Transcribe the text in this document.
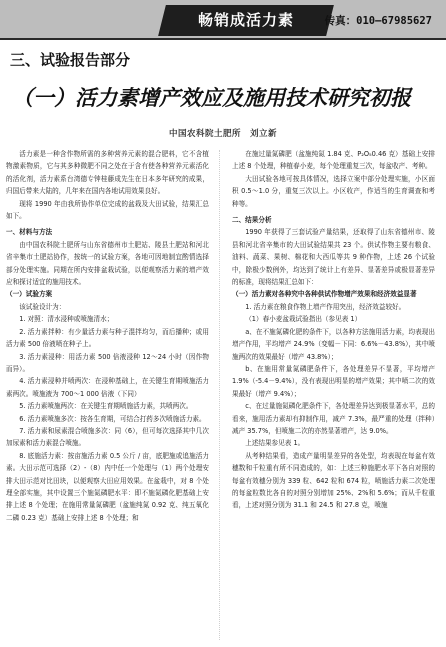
畅销成活力素	传真：010—67985627
三、试验报告部分
（一）活力素增产效应及施用技术研究初报
中国农科院土肥所　刘立新

活力素是一种含作物所需的多种营养元素的混合肥料，它不含植物激素物质，它与其多种微肥不同之处在于含有使各种营养元素活化的活化剂，活力素系台湾德专钟桂藤成先生在日本多年研究的成果，归国后带来大陆的，几年来在国内各地试用效果良好。

现将 1990 年由我所协作单位完成的盆栽及大田试验，结果汇总如下。

一、材料与方法

由中国农科院土肥所与山东省德州市土肥站、陵县土肥站和河北省辛集市土肥站协作，按统一的试验方案，各地可因地制宜酌情选择部分处理实施。同期在所内安排盆栽试验，以便观察活力素的增产效应和探讨适宜的施用技术。

（一）试验方案

该试验设计为：

1. 对照：清水浸种或喷施清水；

2. 活力素拌种：有少量活力素与种子混拌均匀，而后播种；或用活力素 500 倍液喷在种子上。

3. 活力素浸种：用活力素 500 倍液浸种 12～24 小时（因作物而异）。

4. 活力素浸种并喷两次：在浸种基础上，在关键生育期喷施活力素两次。喷施液为 700～1 000 倍液（下同）

5. 活力素喷施两次：在关键生育期喷施活力素，共喷两次。

6. 活力素喷施多次：按各生育期，可结合打药多次喷施活力素。

7. 活力素和尿素混合喷施多次：同（6），但可每次选择其中几次加尿素和活力素混合喷施。

8. 底施活力素：按亩施活力素 0.5 公斤 / 亩，底肥施或追施活力素。大田示范可选择（2）-（8）内中任一个处理与（1）两个处理安排大田示范对比田块，以便观察大田应用效果。在盆栽中，对 8 个处理全部实施，其中设置三个施氮磷肥水平：即不施氮磷化肥基础上安排上述 8 个处理；在施用常量氮磷肥（盆施纯氮 0.92 克、纯五氧化二磷 0.23 克）基础上安排上述 8 个处理；和

在施过量氮磷肥（盆施纯氮 1.84 克、P₂O₅0.46 克）基础上安排上述 8 个处理，种植春小麦，每个处理重复三次，每盆收产、考种。

大田试验各地可按具体情况，选择立案中部分处理实施，小区面积 0.5～1.0 分，重复三次以上。小区收产，作适当的生育调查和考种等。

二、结果分析

1990 年获得了三套试验产量结果，还取得了山东省德州市、陵县和河北省辛集市的大田试验结果共 23 个。供试作物主要有粮食、油料、蔬菜、果树、棉花和大西瓜等共 9 种作物，上述 26 个试验中，除极少数例外，均达到了统计上有差异、显著差异或极显著差异的标准，现将结果汇总如下：

（一）活力素对各种究中各种供试作物增产效果和经济效益显著

1. 活力素在粮食作物上增产作用突出，经济效益较好。

（1）春小麦盆栽试验指出（参见表 1）

a、在不施氮磷化肥的条件下，以各种方法施用活力素，均表现出增产作用，平均增产 24.9%（变幅－下同：6.6%－43.8%），其中喷施两次的效果最好（增产 43.8%）；

b、在施用常量氮磷肥条件下，各处理差异不显著，平均增产 1.9%（-5.4－9.4%），没有表现出明显的增产效果；其中喷二次的效果最好（增产 9.4%）；

c、在过量施氮磷化肥条件下，各处理差异达到极显著水平，总的看来，施用活力素却有抑制作用，减产 7.3%，最严重的处理（拌种）减产 35.7%，但喷施二次的亦然显著增产，达 9.0%。

上述结果参见表 1。

从考种结果看，造成产量明显差异的各处型，均表现在每盆有效穗数和千粒重有所不同造成的，如：上述三种施肥水平下各自对照的每盆有效穗分别为 339 粒、642 粒和 674 粒，喷施活力素二次处理的每盆粒数比各自的对照分别增加 25%、2%和 5.6%；而从千粒重看，上述对照分别为 31.1 和 24.5 和 27.8 克，喷施
